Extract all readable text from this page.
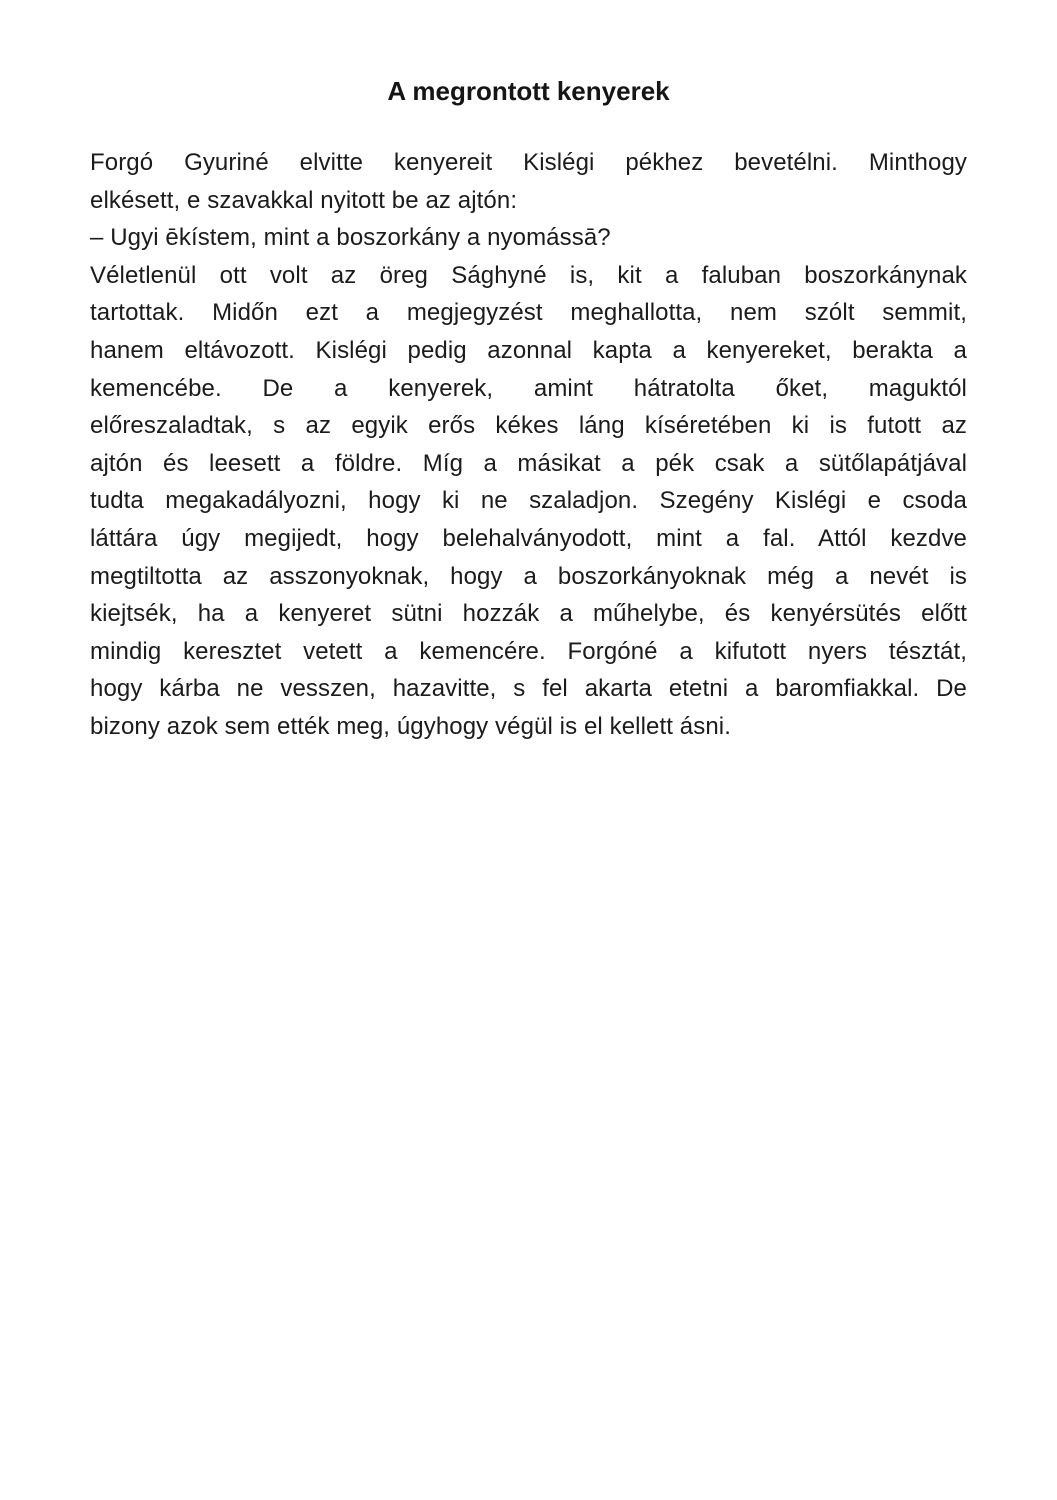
A megrontott kenyerek
Forgó Gyuriné elvitte kenyereit Kislégi pékhez bevetélni. Minthogy
elkésett, e szavakkal nyitott be az ajtón:
– Ugyi ēkístem, mint a boszorkány a nyomássā?
Véletlenül ott volt az öreg Sághyné is, kit a faluban boszorkánynak
tartottak. Midőn ezt a megjegyzést meghallotta, nem szólt semmit,
hanem eltávozott. Kislégi pedig azonnal kapta a kenyereket, berakta a
kemencébe. De a kenyerek, amint hátratolta őket, maguktól
előreszaladtak, s az egyik erős kékes láng kíséretében ki is futott az
ajtón és leesett a földre. Míg a másikat a pék csak a sütőlapátjával
tudta megakadályozni, hogy ki ne szaladjon. Szegény Kislégi e csoda
láttára úgy megijedt, hogy belehalványodott, mint a fal. Attól kezdve
megtiltotta az asszonyoknak, hogy a boszorkányoknak még a nevét is
kiejtsék, ha a kenyeret sütni hozzák a műhelybe, és kenyérsütés előtt
mindig keresztet vetett a kemencére. Forgóné a kifutott nyers tésztát,
hogy kárba ne vesszen, hazavitte, s fel akarta etetni a baromfiakkal. De
bizony azok sem ették meg, úgyhogy végül is el kellett ásni.
